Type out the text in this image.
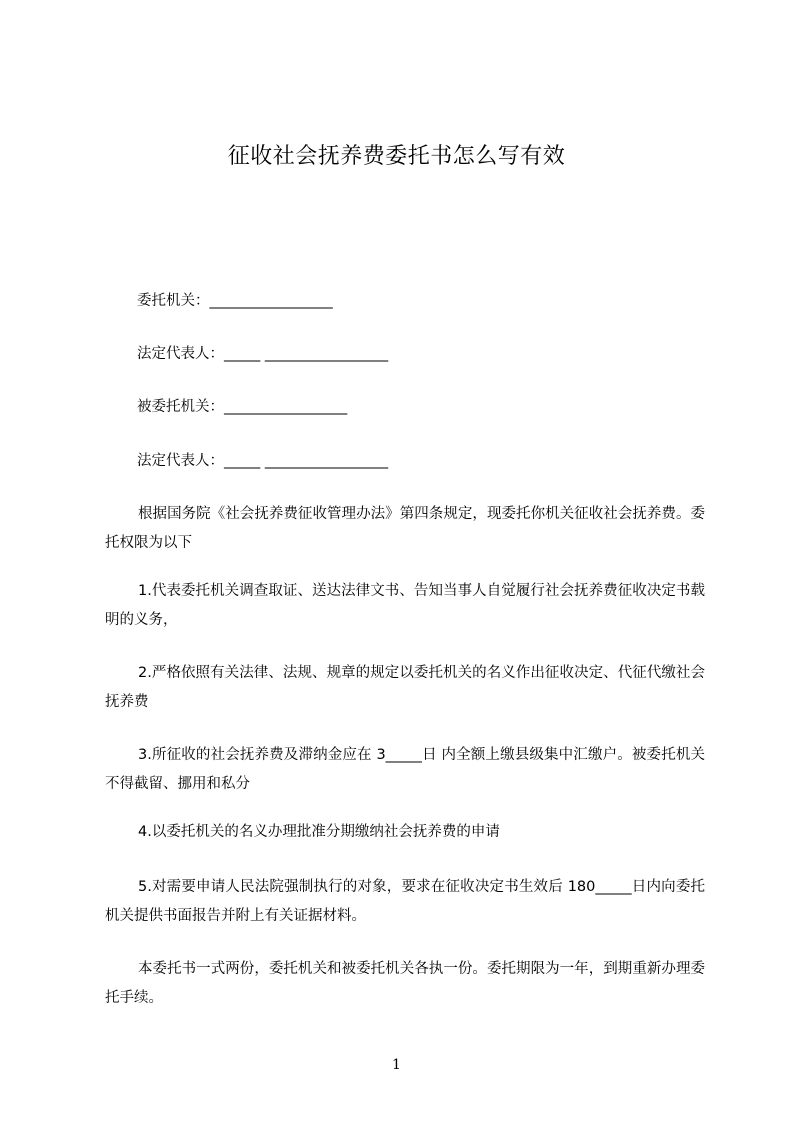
征收社会抚养费委托书怎么写有效
委托机关：_________________
法定代表人：_____ _________________
被委托机关：_________________
法定代表人：_____ _________________
根据国务院《社会抚养费征收管理办法》第四条规定，现委托你机关征收社会抚养费。委托权限为以下
1.代表委托机关调查取证、送达法律文书、告知当事人自觉履行社会抚养费征收决定书载明的义务，
2.严格依照有关法律、法规、规章的规定以委托机关的名义作出征收决定、代征代缴社会抚养费
3.所征收的社会抚养费及滞纳金应在 3_____日 内全额上缴县级集中汇缴户。被委托机关不得截留、挪用和私分
4.以委托机关的名义办理批准分期缴纳社会抚养费的申请
5.对需要申请人民法院强制执行的对象，要求在征收决定书生效后 180_____日内向委托机关提供书面报告并附上有关证据材料。
本委托书一式两份，委托机关和被委托机关各执一份。委托期限为一年，到期重新办理委托手续。
1
